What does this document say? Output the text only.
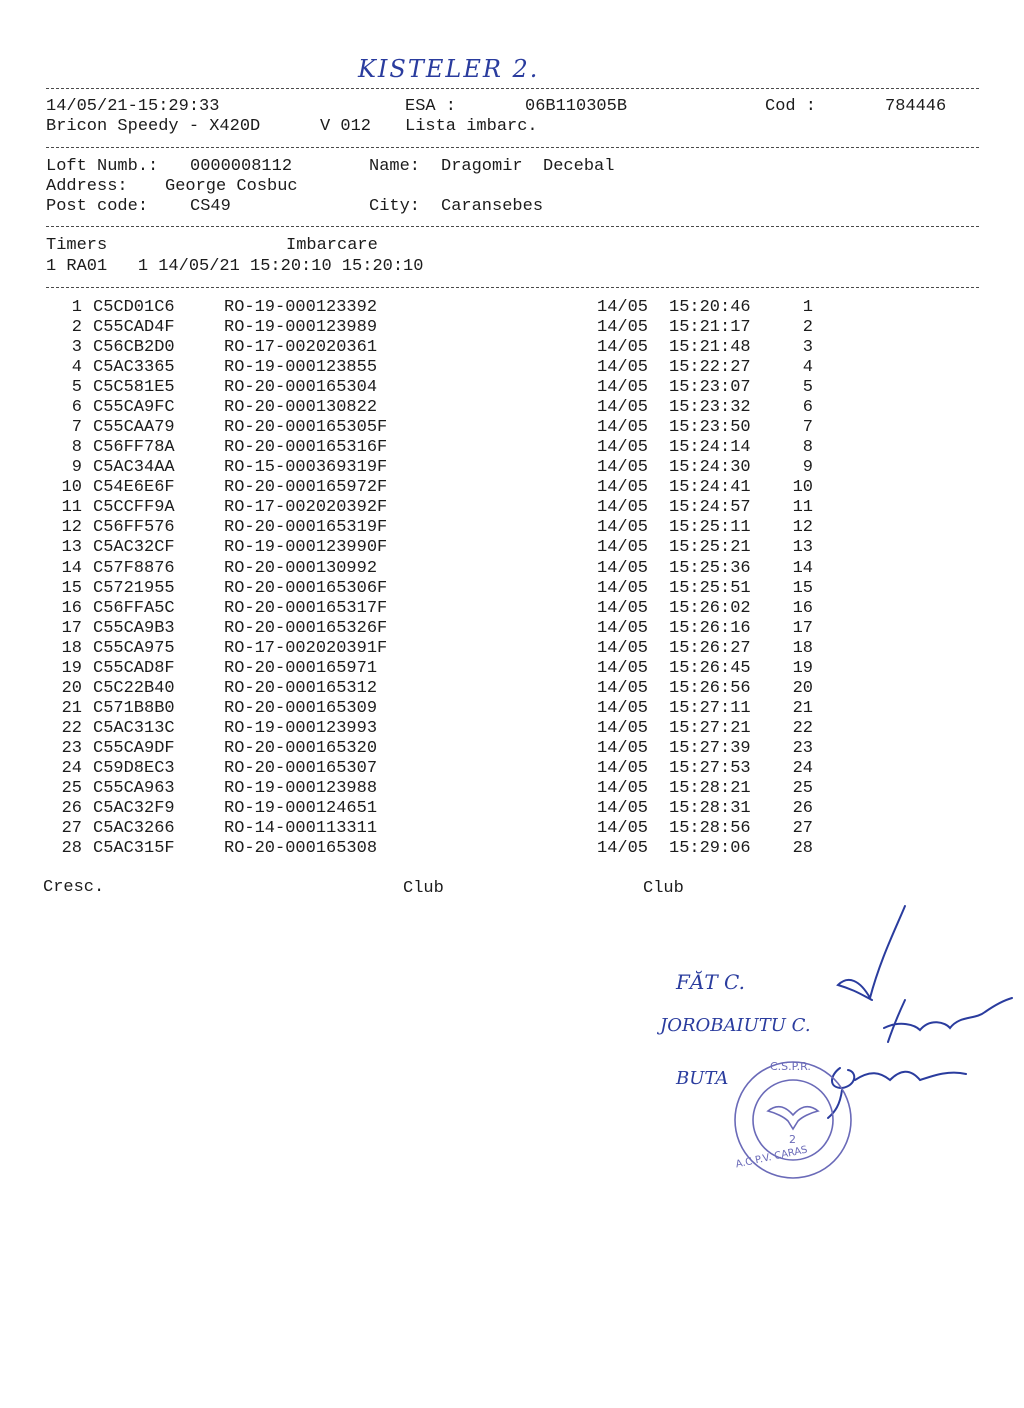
KISTELER 2.
14/05/21-15:29:33	ESA :	06B110305B	Cod :	784446
Bricon Speedy - X420D	V 012 Lista imbarc.
Loft Numb.: 0000008112	Name: Dragomir  Decebal
Address: George Cosbuc
Post code: CS49	City: Caransebes
Timers	Imbarcare
1 RA01   1 14/05/21 15:20:10 15:20:10
1 C5CD01C6	RO-19-000123392	14/05 15:20:46	1
2 C55CAD4F	RO-19-000123989	14/05 15:21:17	2
3 C56CB2D0	RO-17-002020361	14/05 15:21:48	3
4 C5AC3365	RO-19-000123855	14/05 15:22:27	4
5 C5C581E5	RO-20-000165304	14/05 15:23:07	5
6 C55CA9FC	RO-20-000130822	14/05 15:23:32	6
7 C55CAA79	RO-20-000165305F	14/05 15:23:50	7
8 C56FF78A	RO-20-000165316F	14/05 15:24:14	8
9 C5AC34AA	RO-15-000369319F	14/05 15:24:30	9
10 C54E6E6F	RO-20-000165972F	14/05 15:24:41 10
11 C5CCFF9A	RO-17-002020392F	14/05 15:24:57 11
12 C56FF576	RO-20-000165319F	14/05 15:25:11 12
13 C5AC32CF	RO-19-000123990F	14/05 15:25:21 13
14 C57F8876	RO-20-000130992	14/05 15:25:36 14
15 C5721955	RO-20-000165306F	14/05 15:25:51 15
16 C56FFA5C	RO-20-000165317F	14/05 15:26:02 16
17 C55CA9B3	RO-20-000165326F	14/05 15:26:16 17
18 C55CA975	RO-17-002020391F	14/05 15:26:27 18
19 C55CAD8F	RO-20-000165971	14/05 15:26:45 19
20 C5C22B40	RO-20-000165312	14/05 15:26:56 20
21 C571B8B0	RO-20-000165309	14/05 15:27:11 21
22 C5AC313C	RO-19-000123993	14/05 15:27:21 22
23 C55CA9DF	RO-20-000165320	14/05 15:27:39 23
24 C59D8EC3	RO-20-000165307	14/05 15:27:53 24
25 C55CA963	RO-19-000123988	14/05 15:28:21 25
26 C5AC32F9	RO-19-000124651	14/05 15:28:31 26
27 C5AC3266	RO-14-000113311	14/05 15:28:56 27
28 C5AC315F	RO-20-000165308	14/05 15:29:06 28
Cresc.	Club	Club
FĂT C.
JOROBAIUTU C.
BUTA
C.S.P.R.
2
A.C.P.V. CARAS
